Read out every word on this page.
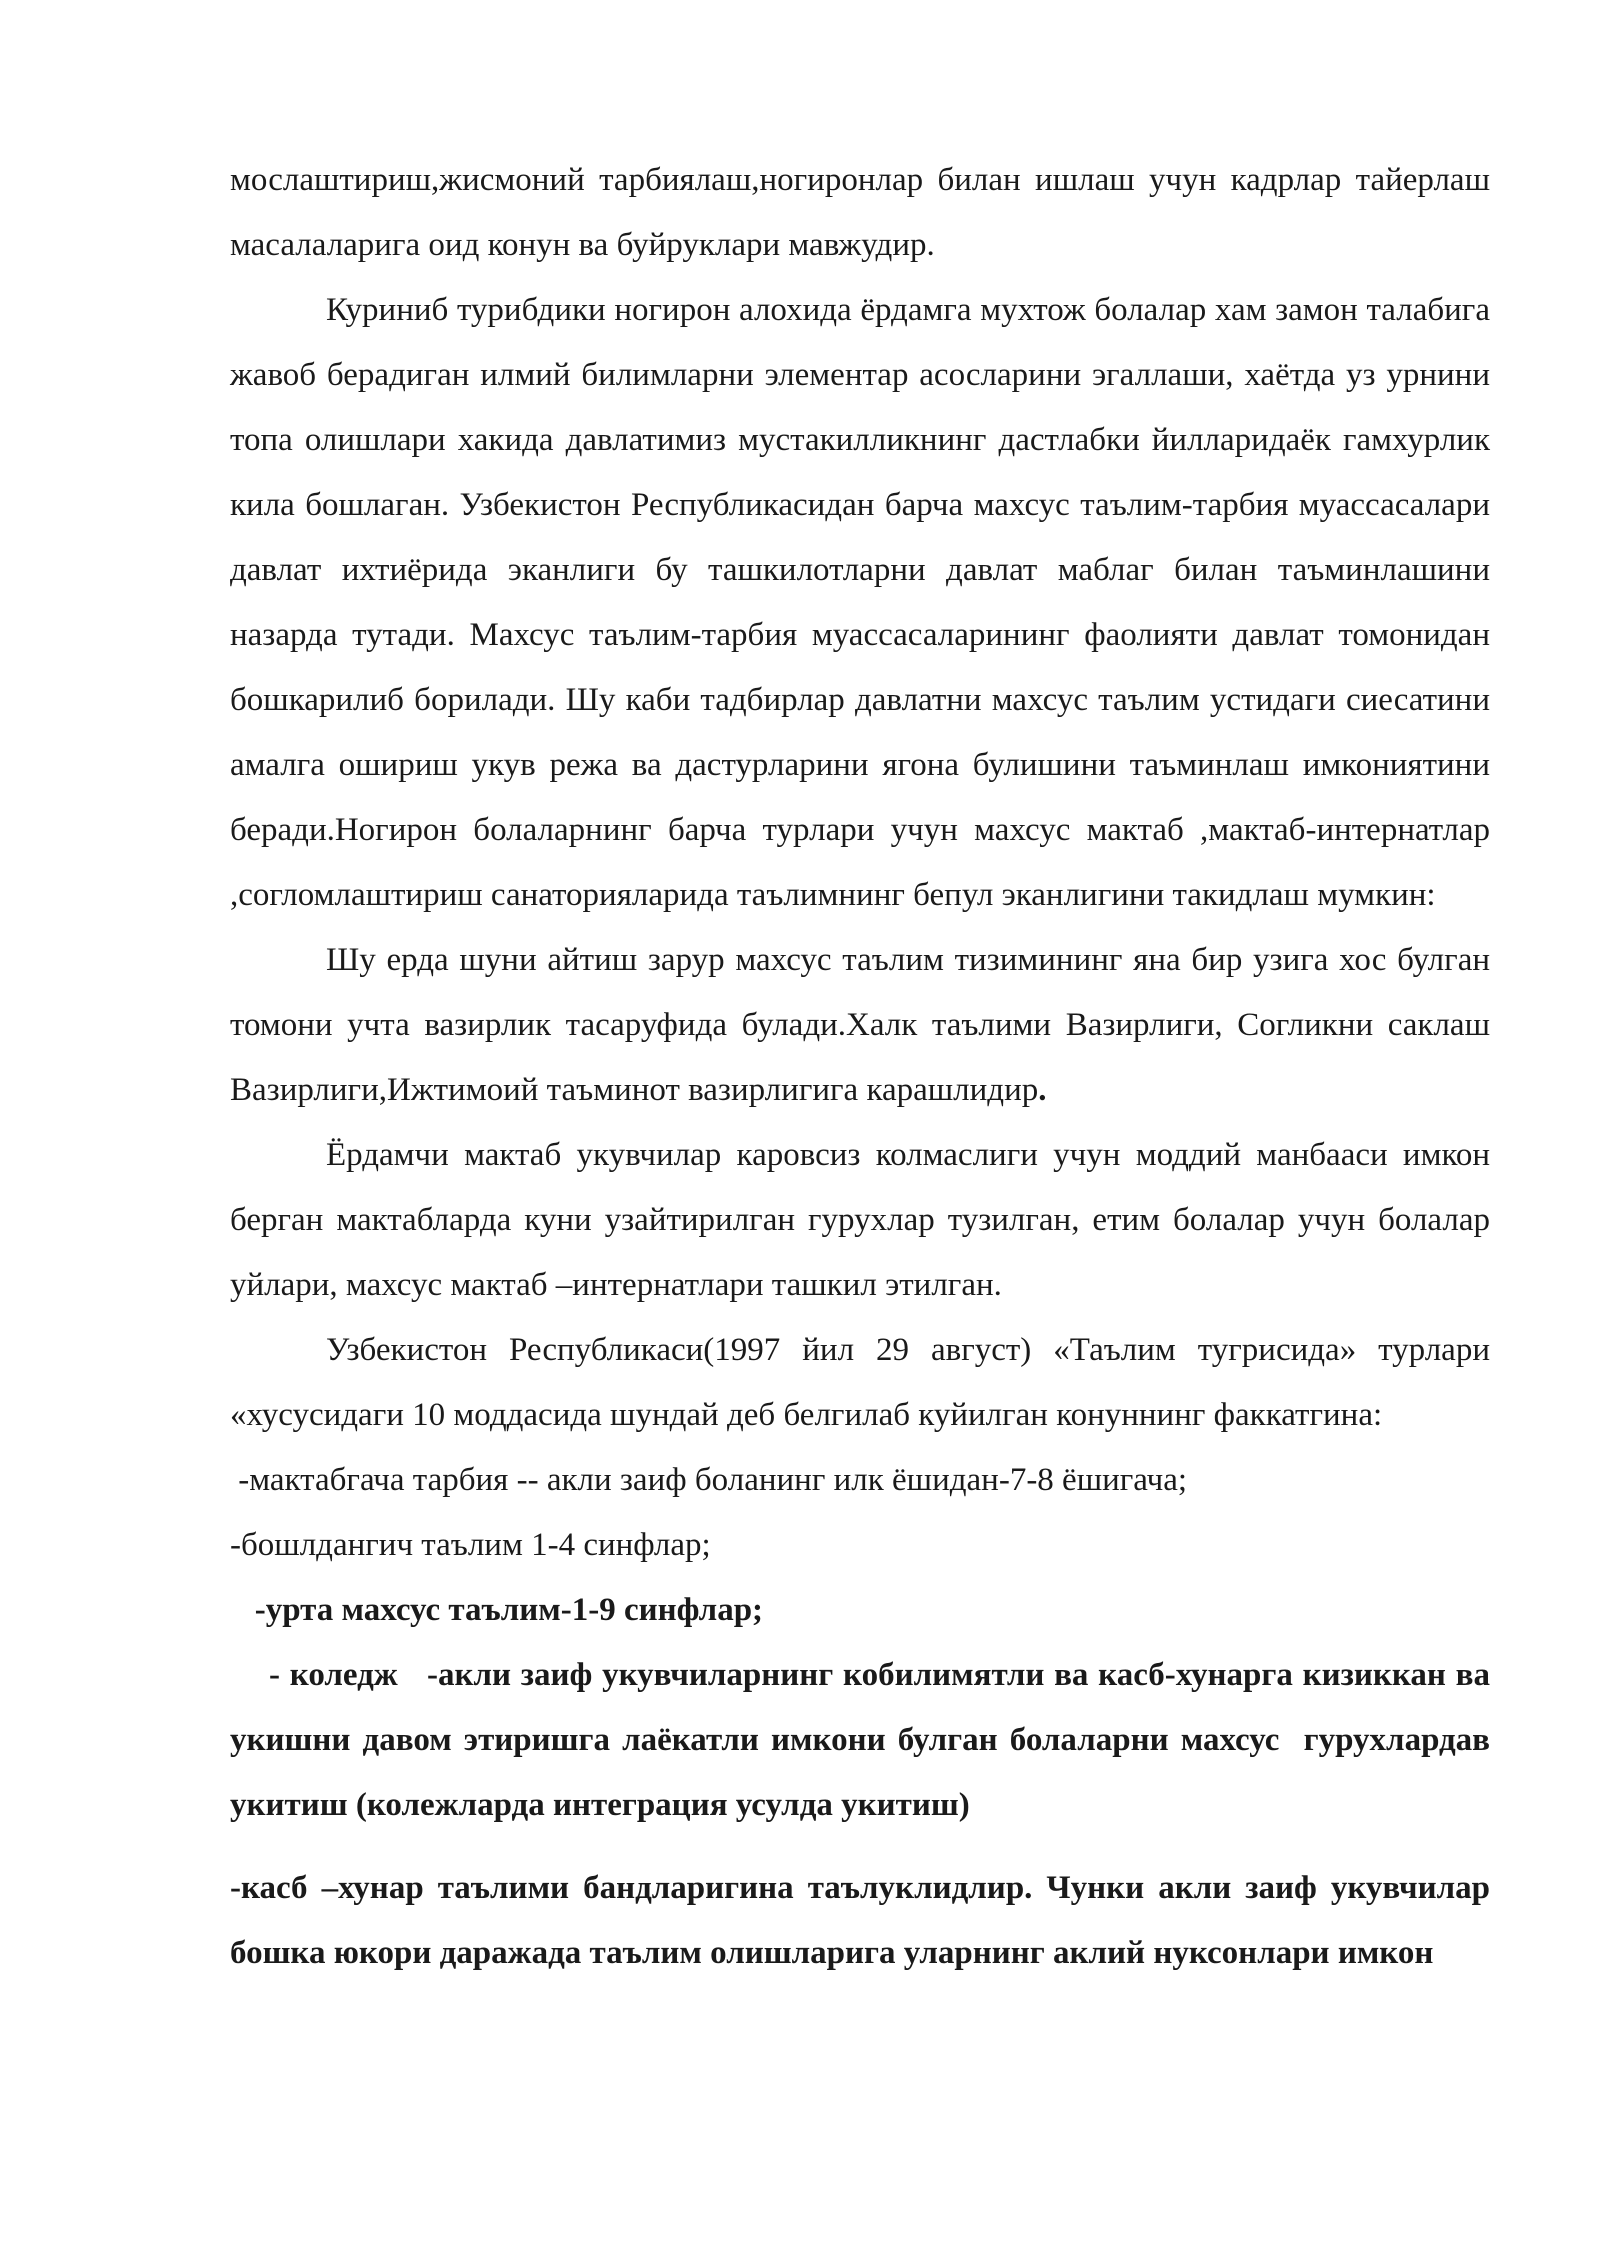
мослаштириш,жисмоний тарбиялаш,ногиронлар билан ишлаш учун кадрлар тайерлаш масалаларига оид конун ва буйруклари мавжудир.

Куриниб турибдики ногирон алохида ёрдамга мухтож болалар хам замон талабига жавоб берадиган илмий билимларни элементар асосларини эгаллаши, хаётда уз урнини топа олишлари хакида давлатимиз мустакилликнинг дастлабки йилларидаёк гамхурлик кила бошлаган. Узбекистон Республикасидан барча махсус таълим-тарбия муассасалари давлат ихтиёрида эканлиги бу ташкилотларни давлат маблаг билан таъминлашини назарда тутади. Махсус таълим-тарбия муассасаларининг фаолияти давлат томонидан бошкарилиб борилади. Шу каби тадбирлар давлатни махсус таълим устидаги сиесатини амалга ошириш укув режа ва дастурларини ягона булишини таъминлаш имкониятини беради.Ногирон болаларнинг барча турлари учун махсус мактаб ,мактаб-интернатлар ,согломлаштириш санаторияларида таълимнинг бепул эканлигини такидлаш мумкин:

Шу ерда шуни айтиш зарур махсус таълим тизимининг яна бир узига хос булган томони учта вазирлик тасаруфида булади.Халк таълими Вазирлиги, Согликни саклаш Вазирлиги,Ижтимоий таъминот вазирлигига карашлидир.

Ёрдамчи мактаб укувчилар каровсиз колмаслиги учун моддий манбааси имкон берган мактабларда куни узайтирилган гурухлар тузилган, етим болалар учун болалар уйлари, махсус мактаб –интернатлари ташкил этилган.

Узбекистон Республикаси(1997 йил 29 август) «Таълим тугрисида» турлари «хусусидаги 10 моддасида шундай деб белгилаб куйилган конуннинг факкатгина:

-мактабгача тарбия -- акли заиф боланинг илк ёшидан-7-8 ёшигача;

-бошлдангич таълим 1-4 синфлар;

-урта махсус таълим-1-9 синфлар;

- коледж   -акли заиф укувчиларнинг кобилимятли ва касб-хунарга кизиккан ва укишни давом этиришга лаёкатли имкони булган болаларни махсус  гурухлардав укитиш (колежларда интеграция усулда укитиш)

-касб –хунар таълими бандларигина таълуклидлир. Чунки акли заиф укувчилар бошка юкори даражада таълим олишларига уларнинг аклий нуксонлари имкон
